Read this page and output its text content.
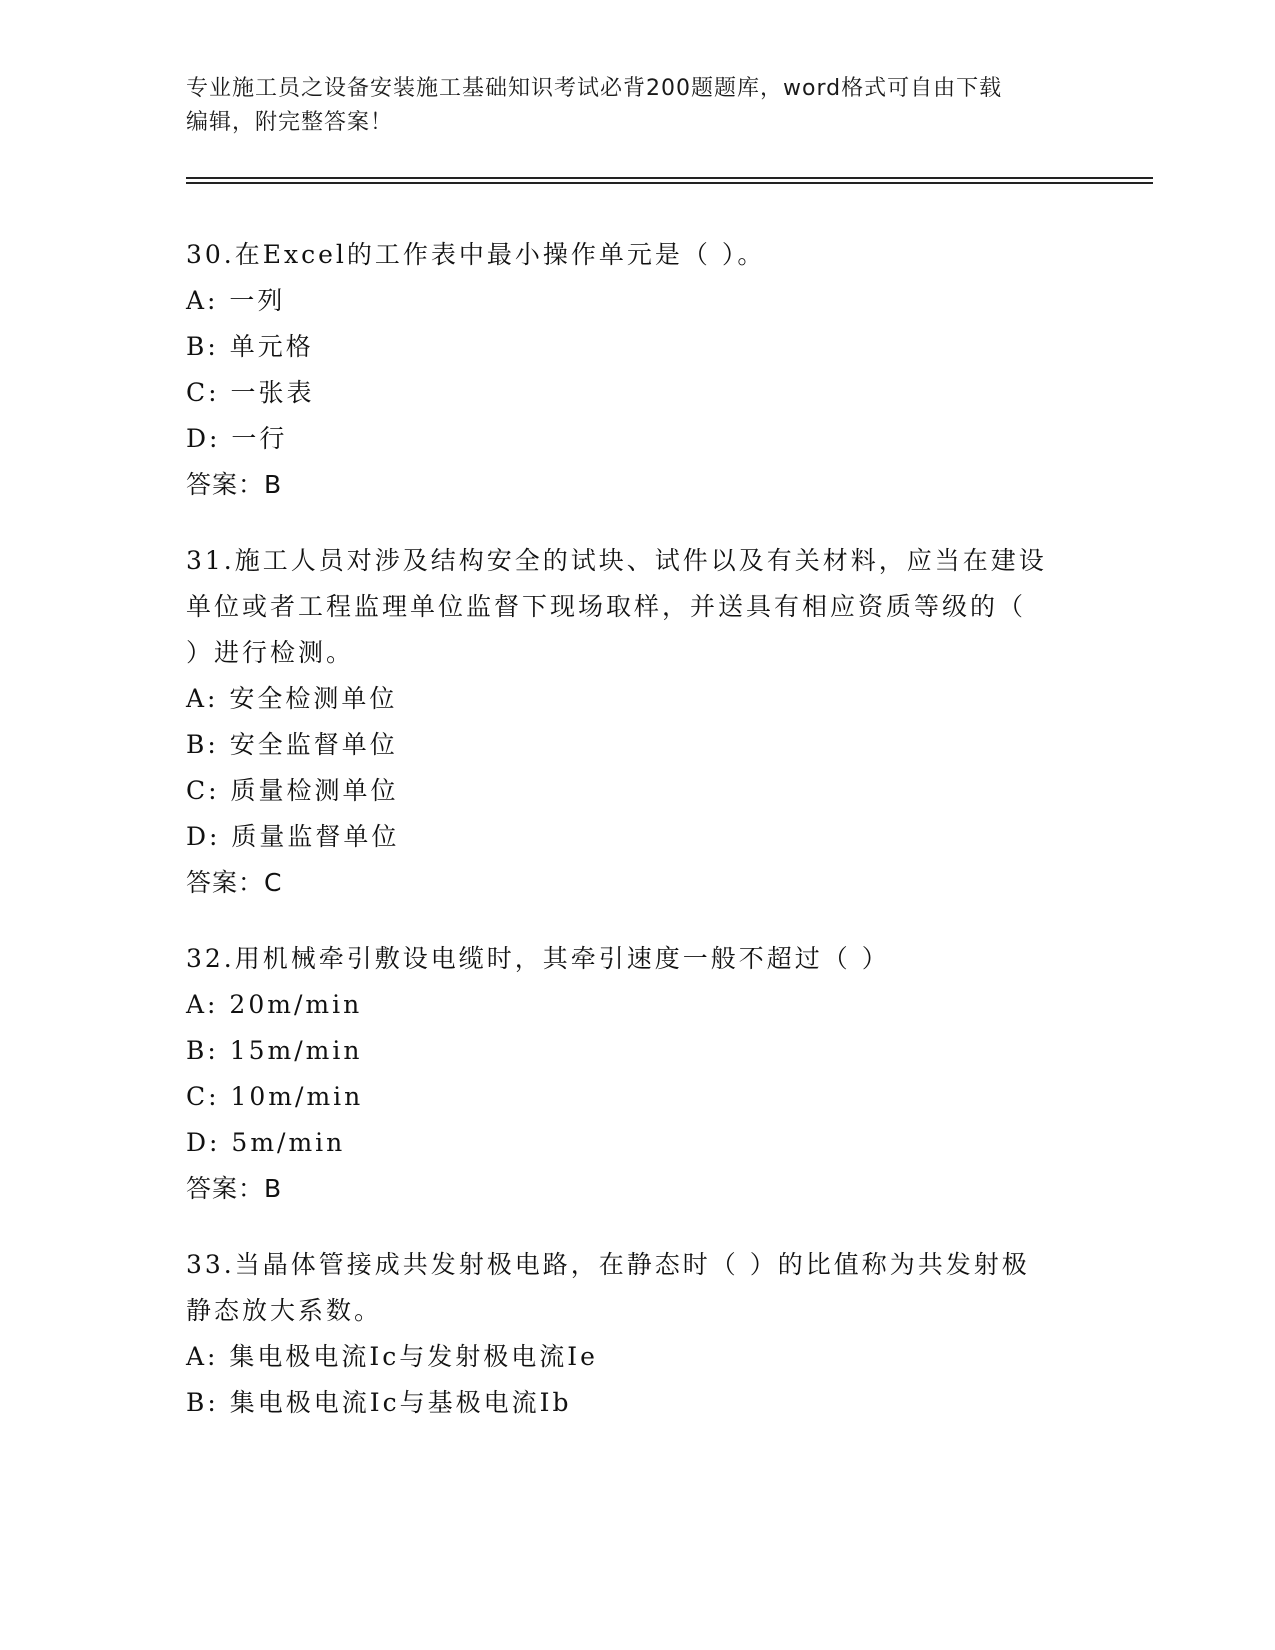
专业施工员之设备安装施工基础知识考试必背200题题库，word格式可自由下载
编辑，附完整答案！
30.在Excel的工作表中最小操作单元是（ ）。
A: 一列
B: 单元格
C: 一张表
D: 一行
答案：B
31.施工人员对涉及结构安全的试块、试件以及有关材料，应当在建设
单位或者工程监理单位监督下现场取样，并送具有相应资质等级的（
）进行检测。
A: 安全检测单位
B: 安全监督单位
C: 质量检测单位
D: 质量监督单位
答案：C
32.用机械牵引敷设电缆时，其牵引速度一般不超过（ ）
A: 20m/min
B: 15m/min
C: 10m/min
D: 5m/min
答案：B
33.当晶体管接成共发射极电路，在静态时（ ）的比值称为共发射极
静态放大系数。
A: 集电极电流Ic与发射极电流Ie
B: 集电极电流Ic与基极电流Ib
